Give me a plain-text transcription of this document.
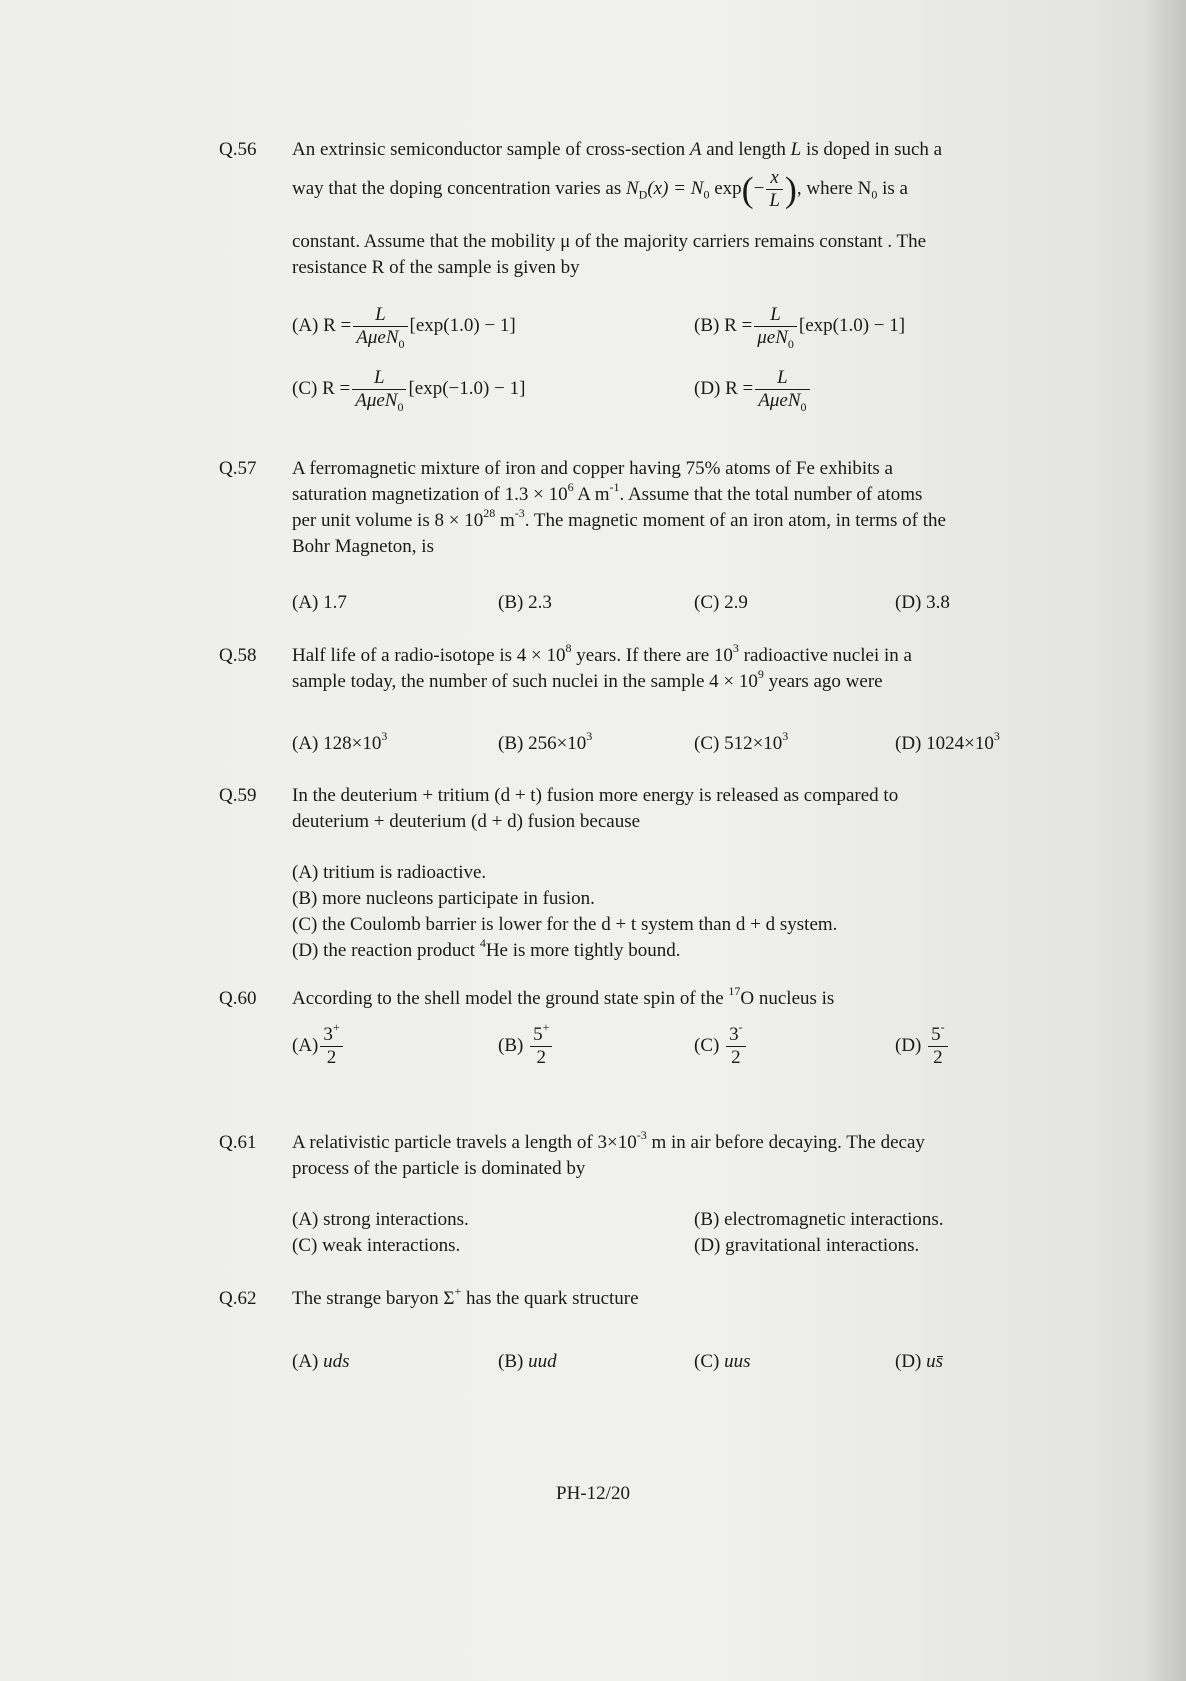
Q.56 An extrinsic semiconductor sample of cross-section A and length L is doped in such a

way that the doping concentration varies as $N_D(x) = N_0$ $\exp(- \frac{x}{L}$ ), where $N_0$ is a

constant. Assume that the mobility μ of the majority carriers remains constant . The

resistance R of the sample is given by

(A) $R = \frac{L}{A\mu eN_0} [\exp(1.0) - 1]$	(B) $R = \frac{L}{\mu eN_0} [\exp(1.0) - 1]$
(C) $R = \frac{L}{A\mu eN_0} [\exp(-1.0) - 1]$	(D) $R = \frac{L}{A\mu eN_0}$
Q.57 A ferromagnetic mixture of iron and copper having 75% atoms of Fe exhibits a

saturation magnetization of $1.3 \times 10^6$ A $m^{-1}$. Assume that the total number of atoms

per unit volume is $8 \times 10^{28}$ $m^{-3}$. The magnetic moment of an iron atom, in terms of the

Bohr Magneton, is

(A) 1.7	(B) 2.3	(C) 2.9	(D) 3.8
Q.58 Half life of a radio-isotope is $4 \times 10^8$ years. If there are $10^3$ radioactive nuclei in a

sample today, the number of such nuclei in the sample $4 \times 10^9$ years ago were

(A) $128\times 10^3$	(B) $256\times 10^3$	(C) $512\times 10^3$	(D) $1024\times 10^3$
Q.59 In the deuterium + tritium (d + t) fusion more energy is released as compared to

deuterium + deuterium (d + d) fusion because

(A) tritium is radioactive.

(B) more nucleons participate in fusion.

(C) the Coulomb barrier is lower for the d + t system than d + d system.

(D) the reaction product $^4$He is more tightly bound.

Q.60 According to the shell model the ground state spin of the $^{17}$O nucleus is

$(A) \frac{3^+}{2}$	$(B) \frac{5^+}{2}$	$(C) \frac{3^-}{2}$	$(D) \frac{5^-}{2}$
Q.61 A relativistic particle travels a length of $3\times 10^{-3}$ m in air before decaying. The decay

process of the particle is dominated by

(A) strong interactions.	(B) electromagnetic interactions.
(C) weak interactions.	(D) gravitational interactions.
Q.62 The strange baryon Σ+ has the quark structure

(A) uds	(B) uud	(C) uus	(D) us̄
PH-12/20
